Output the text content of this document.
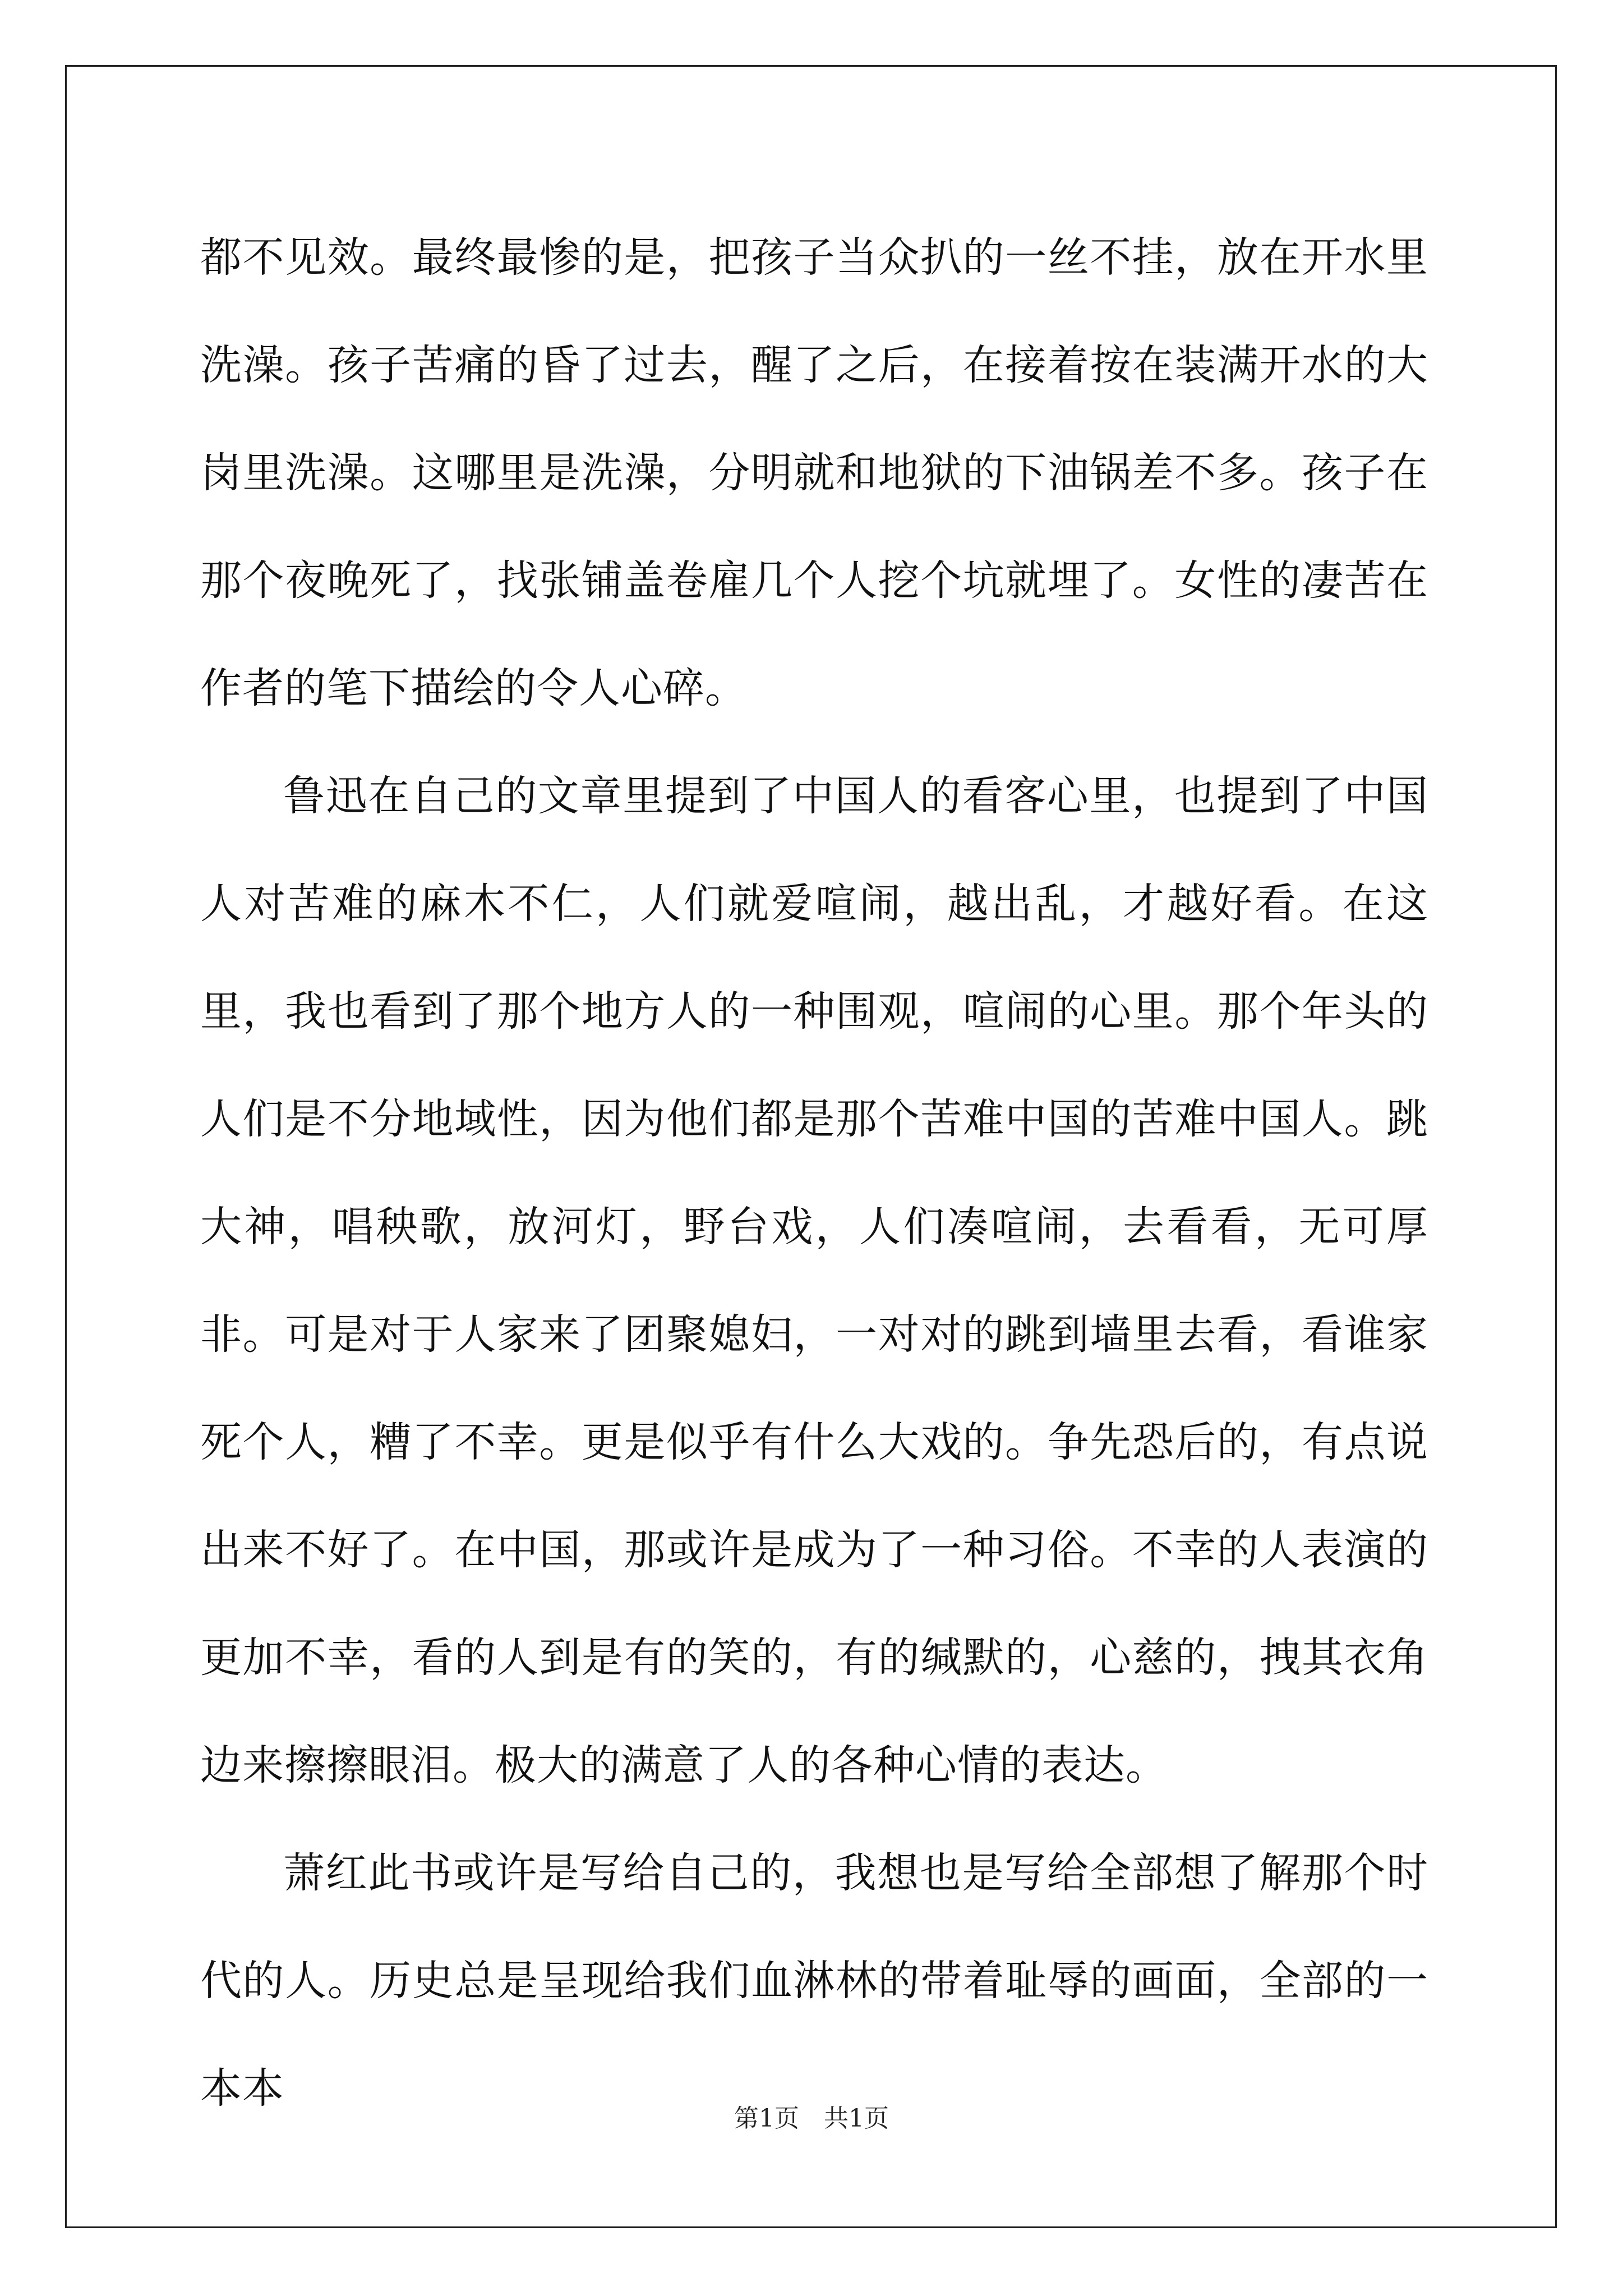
都不见效。最终最惨的是，把孩子当众扒的一丝不挂，放在开水里洗澡。孩子苦痛的昏了过去，醒了之后，在接着按在装满开水的大岗里洗澡。这哪里是洗澡，分明就和地狱的下油锅差不多。孩子在那个夜晚死了，找张铺盖卷雇几个人挖个坑就埋了。女性的凄苦在作者的笔下描绘的令人心碎。

鲁迅在自己的文章里提到了中国人的看客心里，也提到了中国人对苦难的麻木不仁，人们就爱喧闹，越出乱，才越好看。在这里，我也看到了那个地方人的一种围观，喧闹的心里。那个年头的人们是不分地域性，因为他们都是那个苦难中国的苦难中国人。跳大神，唱秧歌，放河灯，野台戏，人们凑喧闹，去看看，无可厚非。可是对于人家来了团聚媳妇，一对对的跳到墙里去看，看谁家死个人，糟了不幸。更是似乎有什么大戏的。争先恐后的，有点说出来不好了。在中国，那或许是成为了一种习俗。不幸的人表演的更加不幸，看的人到是有的笑的，有的缄默的，心慈的，拽其衣角边来擦擦眼泪。极大的满意了人的各种心情的表达。

萧红此书或许是写给自己的，我想也是写给全部想了解那个时代的人。历史总是呈现给我们血淋林的带着耻辱的画面，全部的一本本

第1页　共1页
